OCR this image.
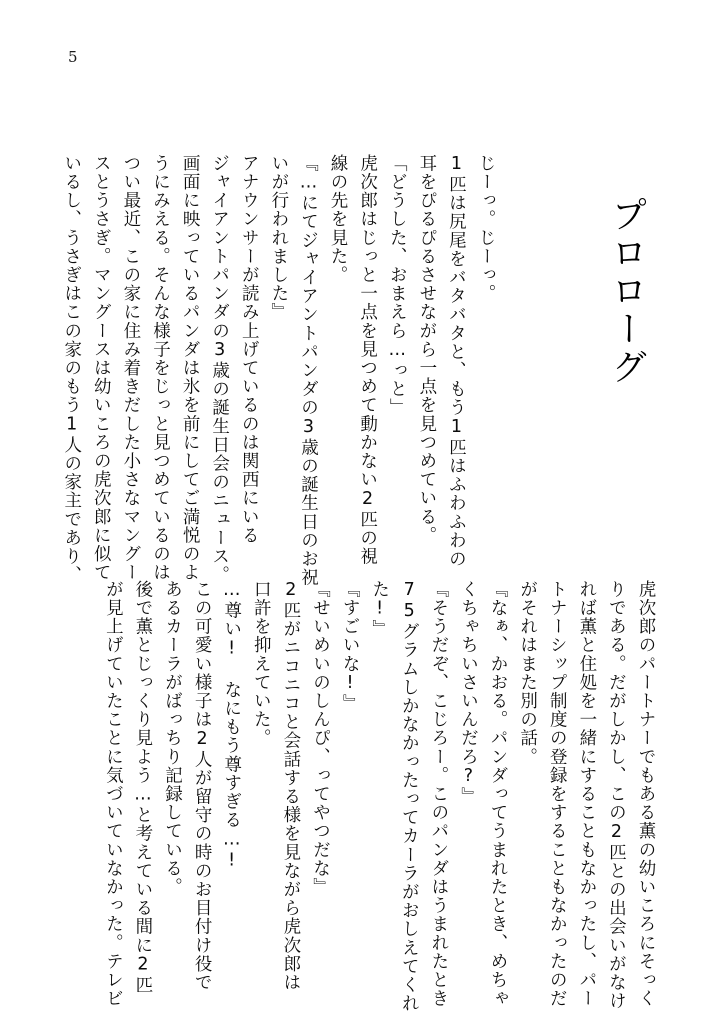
5
プロローグ

じーっ。じーっ。
1匹は尻尾をバタバタと、もう1匹はふわふわの
耳をぴるぴるさせながら一点を見つめている。
「どうした、おまえら…っと」
虎次郎はじっと一点を見つめて動かない2匹の視
線の先を見た。
『…にてジャイアントパンダの3歳の誕生日のお祝
いが行われました』
アナウンサーが読み上げているのは関西にいる
ジャイアントパンダの3歳の誕生日会のニュース。
画面に映っているパンダは氷を前にしてご満悦のよ
うにみえる。そんな様子をじっと見つめているのは
つい最近、この家に住み着きだした小さなマングー
スとうさぎ。マングースは幼いころの虎次郎に似て
いるし、うさぎはこの家のもう1人の家主であり、

虎次郎のパートナーでもある薫の幼いころにそっく
りである。だがしかし、この2匹との出会いがなけ
れば薫と住処を一緒にすることもなかったし、パー
トナーシップ制度の登録をすることもなかったのだ
がそれはまた別の話。
『なぁ、かおる。パンダってうまれたとき、めちゃ
くちゃちいさいんだろ?』
『そうだぞ、こじろー。このパンダはうまれたとき
75グラムしかなかったってカーラがおしえてくれ
た!』
『すごいな!』
『せいめいのしんぴ、ってやつだな』
2匹がニコニコと会話する様を見ながら虎次郎は
口許を抑えていた。
…尊い! なにもう尊すぎる…!
この可愛い様子は2人が留守の時のお目付け役で
あるカーラがばっちり記録している。
後で薫とじっくり見よう…と考えている間に2匹
が見上げていたことに気づいていなかった。テレビ
